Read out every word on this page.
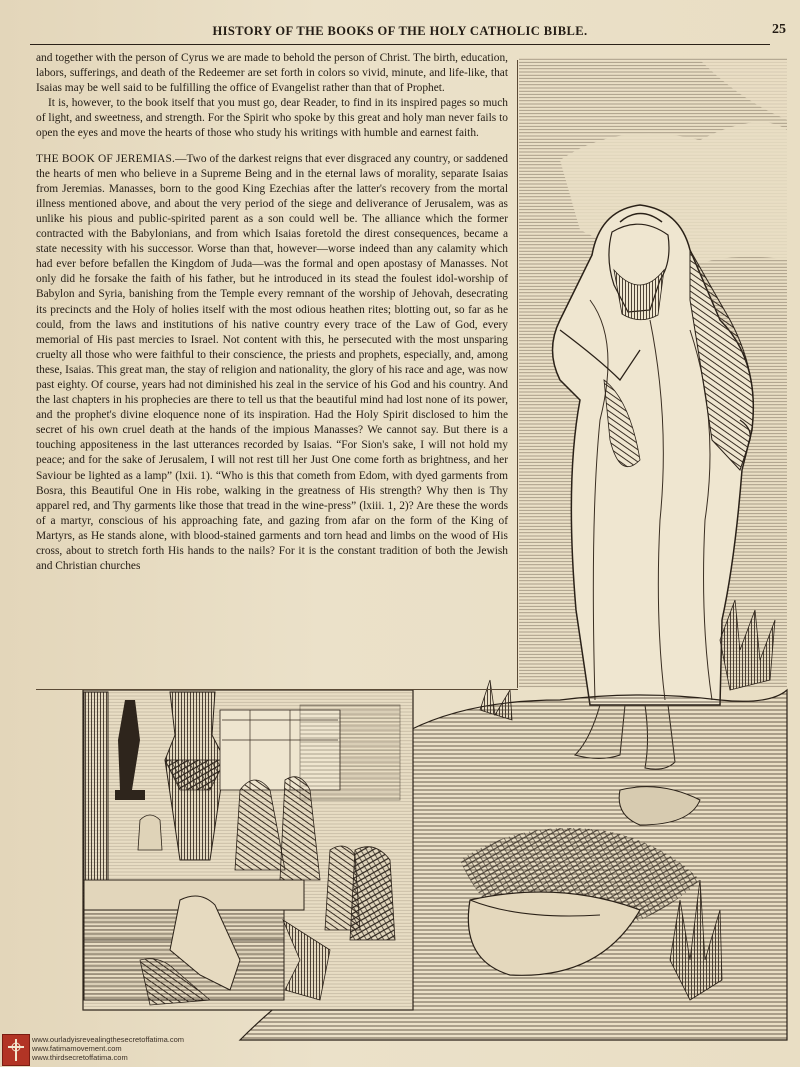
HISTORY OF THE BOOKS OF THE HOLY CATHOLIC BIBLE.	25

and together with the person of Cyrus we are made to behold the person of Christ. The birth, education, labors, sufferings, and death of the Redeemer are set forth in colors so vivid, minute, and life-like, that Isaias may be well said to be fulfilling the office of Evangelist rather than that of Prophet.

It is, however, to the book itself that you must go, dear Reader, to find in its inspired pages so much of light, and sweetness, and strength. For the Spirit who spoke by this great and holy man never fails to open the eyes and move the hearts of those who study his writings with humble and earnest faith.

THE BOOK OF JEREMIAS.—Two of the darkest reigns that ever disgraced any country, or saddened the hearts of men who believe in a Supreme Being and in the eternal laws of morality, separate Isaias from Jeremias. Manasses, born to the good King Ezechias after the latter's recovery from the mortal illness mentioned above, and about the very period of the siege and deliverance of Jerusalem, was as unlike his pious and public-spirited parent as a son could well be. The alliance which the former contracted with the Babylonians, and from which Isaias foretold the direst consequences, became a state necessity with his successor. Worse than that, however—worse indeed than any calamity which had ever before befallen the Kingdom of Juda—was the formal and open apostasy of Manasses. Not only did he forsake the faith of his father, but he introduced in its stead the foulest idol-worship of Babylon and Syria, banishing from the Temple every remnant of the worship of Jehovah, desecrating its precincts and the Holy of holies itself with the most odious heathen rites; blotting out, so far as he could, from the laws and institutions of his native country every trace of the Law of God, every memorial of His past mercies to Israel. Not content with this, he persecuted with the most unsparing cruelty all those who were faithful to their conscience, the priests and prophets, especially, and, among these, Isaias. This great man, the stay of religion and nationality, the glory of his race and age, was now past eighty. Of course, years had not diminished his zeal in the service of his God and his country. And the last chapters in his prophecies are there to tell us that the beautiful mind had lost none of its power, and the prophet's divine eloquence none of its inspiration. Had the Holy Spirit disclosed to him the secret of his own cruel death at the hands of the impious Manasses? We cannot say. But there is a touching appositeness in the last utterances recorded by Isaias. “For Sion's sake, I will not hold my peace; and for the sake of Jerusalem, I will not rest till her Just One come forth as brightness, and her Saviour be lighted as a lamp” (lxii. 1). “Who is this that cometh from Edom, with dyed garments from Bosra, this Beautiful One in His robe, walking in the greatness of His strength? Why then is Thy apparel red, and Thy garments like those that tread in the wine-press” (lxiii. 1, 2)? Are these the words of a martyr, conscious of his approaching fate, and gazing from afar on the form of the King of Martyrs, as He stands alone, with blood-stained garments and torn head and limbs on the wood of His cross, about to stretch forth His hands to the nails? For it is the constant tradition of both the Jewish and Christian churches

www.ourladyisrevealingthesecretoffatima.com
www.fatimamovement.com
www.thirdsecretoffatima.com
